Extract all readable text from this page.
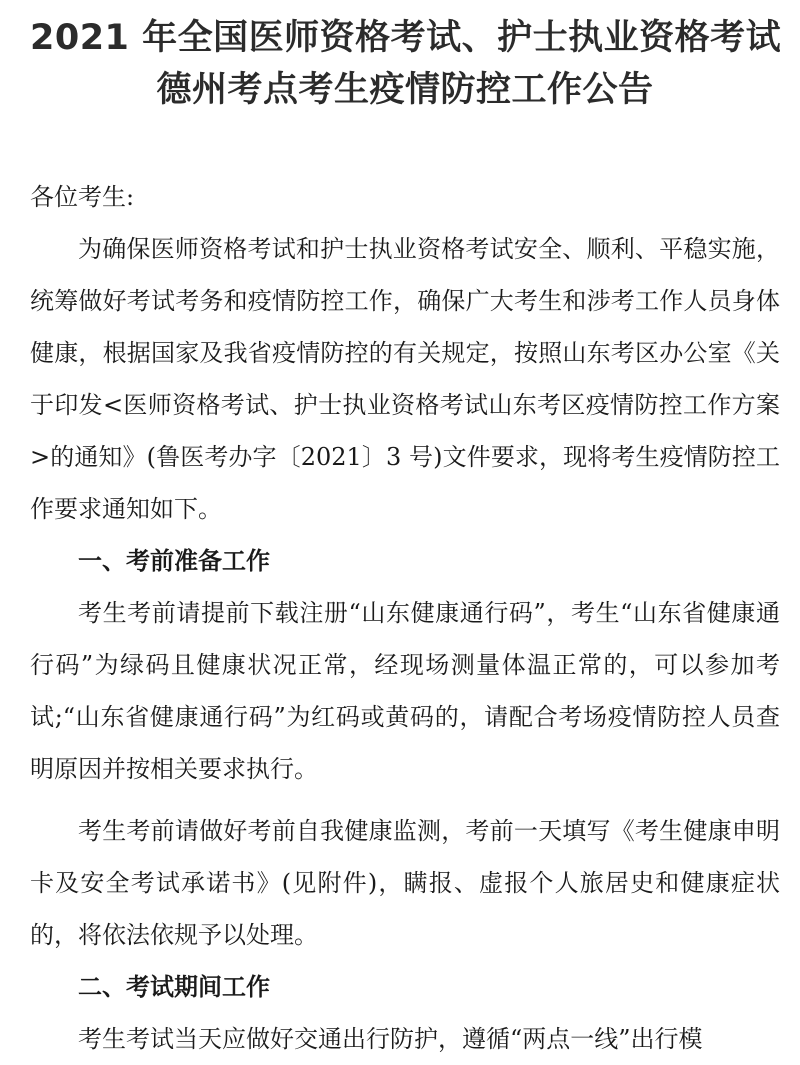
2021 年全国医师资格考试、护士执业资格考试
德州考点考生疫情防控工作公告
各位考生:

为确保医师资格考试和护士执业资格考试安全、顺利、平稳实施，统筹做好考试考务和疫情防控工作，确保广大考生和涉考工作人员身体健康，根据国家及我省疫情防控的有关规定，按照山东考区办公室《关于印发<医师资格考试、护士执业资格考试山东考区疫情防控工作方案>的通知》(鲁医考办字〔2021〕3 号)文件要求，现将考生疫情防控工作要求通知如下。

一、考前准备工作

考生考前请提前下载注册“山东健康通行码”，考生“山东省健康通行码”为绿码且健康状况正常，经现场测量体温正常的，可以参加考试;“山东省健康通行码”为红码或黄码的，请配合考场疫情防控人员查明原因并按相关要求执行。

考生考前请做好考前自我健康监测，考前一天填写《考生健康申明卡及安全考试承诺书》(见附件)，瞒报、虚报个人旅居史和健康症状的，将依法依规予以处理。

二、考试期间工作

考生考试当天应做好交通出行防护，遵循“两点一线”出行模
